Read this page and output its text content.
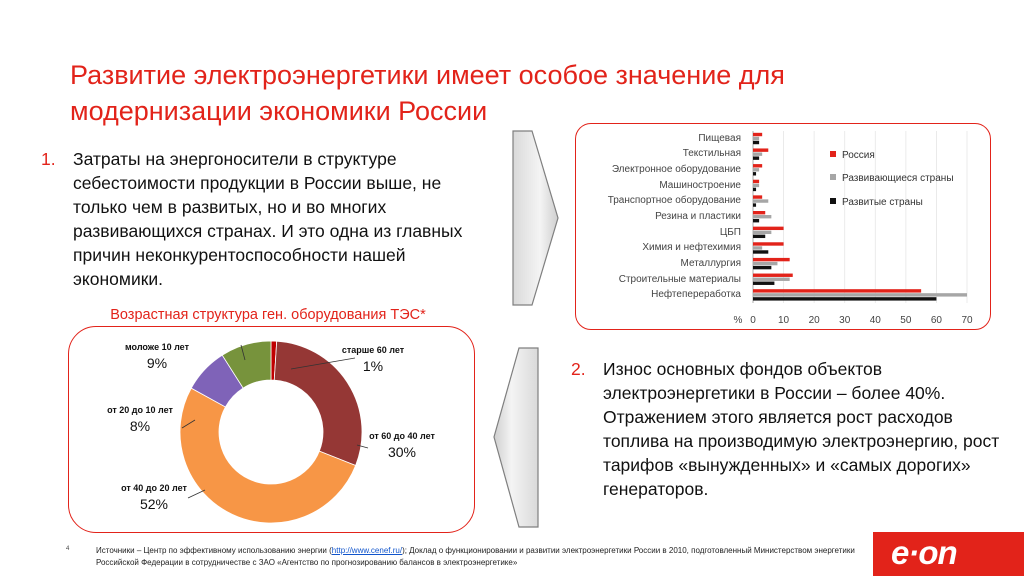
Развитие электроэнергетики имеет особое значение для модернизации экономики России
1. Затраты на энергоносители в структуре себестоимости продукции в России выше, не только чем в развитых, но и во многих развивающихся странах. И это одна из главных причин неконкурентоспособности нашей экономики.
2. Износ основных фондов объектов электроэнергетики в России – более 40%. Отражением этого является рост расходов топлива на производимую электроэнергию, рост тарифов «вынужденных» и «самых дорогих» генераторов.
Возрастная структура ген. оборудования ТЭС*
моложе 10 лет
9%
старше 60 лет
1%
от 20 до 10 лет
8%
от 60 до 40 лет
30%
от 40 до 20 лет
52%
Пищевая
Текстильная
Электронное оборудование
Машиностроение
Транспортное оборудование
Резина и пластики
ЦБП
Химия и нефтехимия
Металлургия
Строительные материалы
Нефтепереработка
% 0	10	20	30	40	50	60	70
Россия
Развивающиеся страны
Развитые страны
4	Источники – Центр по эффективному использованию энергии (http://www.cenef.ru/); Доклад о функционировании и развитии электроэнергетики России в 2010, подготовленный Министерством энергетики Российской Федерации в сотрудничестве с ЗАО «Агентство по прогнозированию балансов в электроэнергетике»	e·on
